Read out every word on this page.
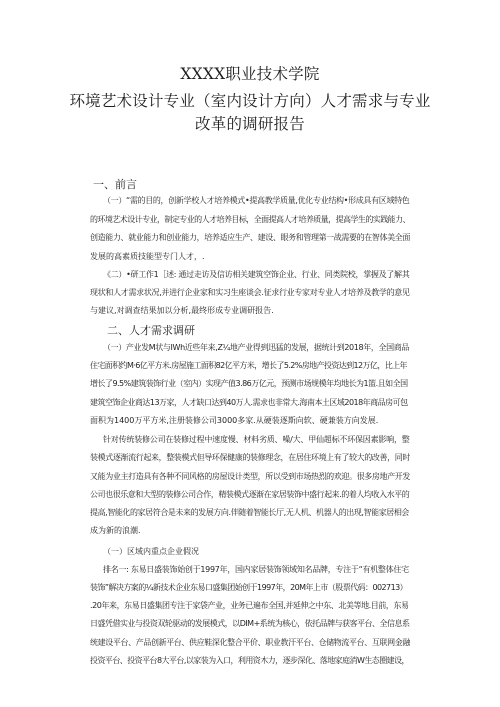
XXXX职业技术学院
环境艺术设计专业（室内设计方向）人才需求与专业
改革的调研报告
一、前言
（一）“需的目的，创新学校人才培养模式•提高教学质量,优化专业结构•形成具有区域特色
的环境艺术设计专业，制定专业的人才培养目标，全面提高人才培养质量，提高学生的实践能力、
创造能力、就业能力和创业能力，培养适应生产、建设、眼务和管理第一战需要的在智体美全面
发展的高素质技能型专门人才，.
《二）•研工作1［述: 通过走访及信访相关建筑空饰企业、行业、同类院校，掌握及了解其
现状和人才需求状况,并进行企业家和实习生座谈会.征求行业专家对专业人才培养及教学的意见
与建议,对调查结果加以分析,最终形成专业调研报告.
二、人才需求调研
（一）产业发M状与IWh近些年来,Z¼地产业得到迅猛的发展，据统计到2018年，全国商品
住宅面积约M·6亿平方米.房屋施工面积82亿平方米，增长了5.2%房地产投资达到12万亿，比上年
增长了9.5%建筑装饰行业（室内）实现产值3.86万亿元，预测市场规模年均地长为1篮.且如全国
建筑空饰企业商达13万家，人才缺口达到40万人.需求也非常大.海南本土区域2018年商品房可包
面积为1400万平方米,注册装修公司3000多家.从硬装逐斯向软、硬兼装方向发展.
针对传统装修公司在装修过程中速度慢、材料劣质、噪/大、甲仙超标不环保因素影响，整
装模式逐渐流行起来，整装模式但导环保健康的装修理念，在居住环境上有了较大的改善，同时
又能为业主打造具有各种不同风格的房屋设计类型，所以受到市场热烈的欢迎。很多房地产开发
公司也很乐意和大型的装修公司合作，精装模式逐渐在家居装饰中盛行起来.的着人均收入水平的
提高,智能化的家居符合是未来的发展方向.伴随着智能长厅,无人机、机器人的出现,智能家居相会
成为新的浪潮.
（一）区域内重点企业假况
排名一: 东易日盛装饰始创于1997年，国内家居装饰领域知名品牌，专注于“有机整体住宅
装饰”解决方案的¼新技术企业东易口盛集团始创于1997年，20M年上市（股票代码：002713）
.20年来，东易日盛集团专注于家袋产业，业务已遍布全国,并延伸之中东、北美等地.目前，东易
日盛凭借实业与投资双轮驱动的发展模式，以DIM+系统为核心，依托品牌与获客平台、全信息系
统建设平台、产品创新平台、供应鞋深化整合平价、职业教汗平台、仓储物流平台、互联网金融
投资平台、投资平台8大平台,以家装为入口，利用资木力，逐步深化、落地家庭消W生态圈建设，
